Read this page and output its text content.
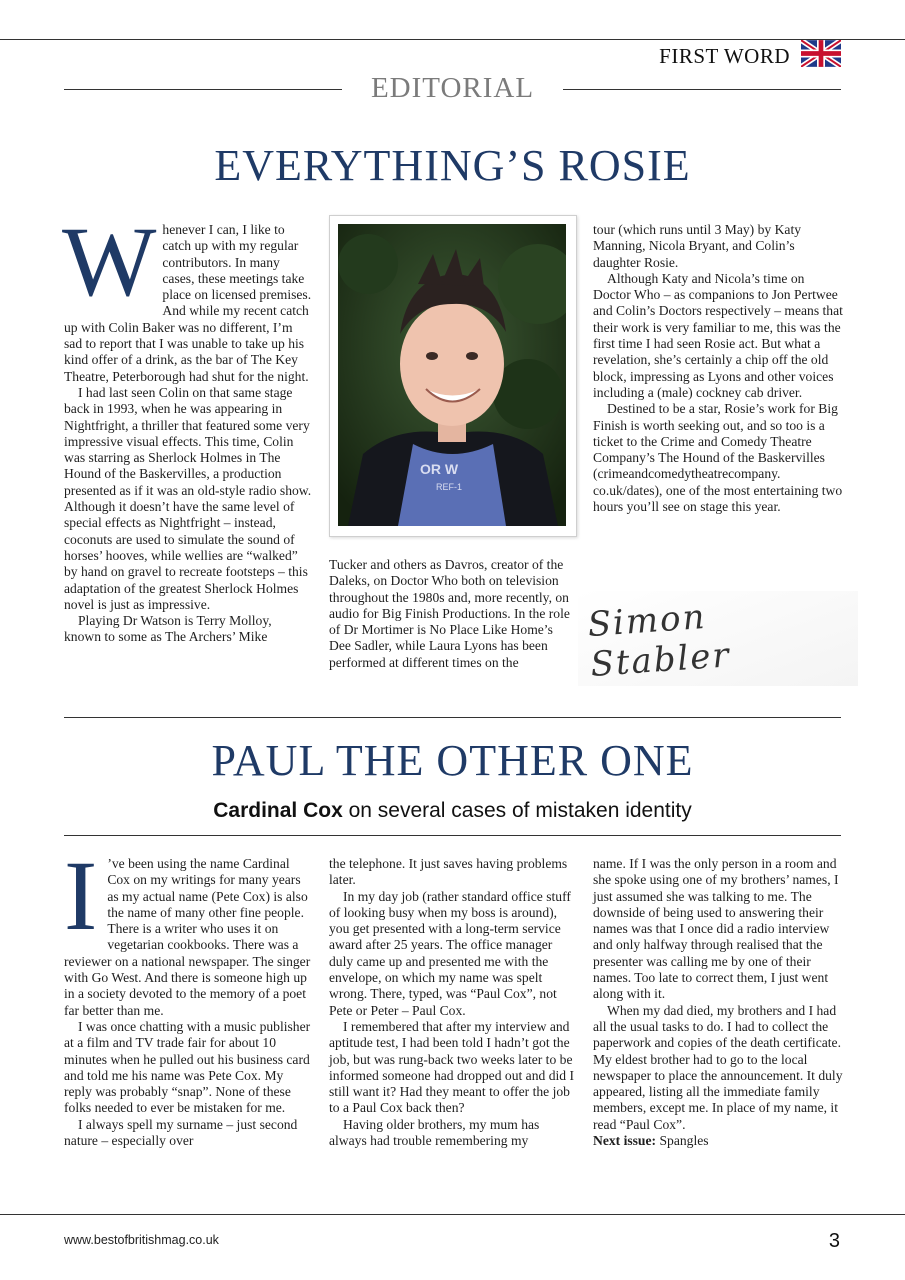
FIRST WORD
EDITORIAL
EVERYTHING’S ROSIE
W henever I can, I like to catch up with my regular contributors. In many cases, these meetings take place on licensed premises. And while my recent catch up with Colin Baker was no different, I’m sad to report that I was unable to take up his kind offer of a drink, as the bar of The Key Theatre, Peterborough had shut for the night.

I had last seen Colin on that same stage back in 1993, when he was appearing in Nightfright, a thriller that featured some very impressive visual effects. This time, Colin was starring as Sherlock Holmes in The Hound of the Baskervilles, a production presented as if it was an old-style radio show. Although it doesn’t have the same level of special effects as Nightfright – instead, coconuts are used to simulate the sound of horses’ hooves, while wellies are “walked” by hand on gravel to recreate footsteps – this adaptation of the greatest Sherlock Holmes novel is just as impressive.

Playing Dr Watson is Terry Molloy, known to some as The Archers’ Mike

OR W
REF-1

Tucker and others as Davros, creator of the Daleks, on Doctor Who both on television throughout the 1980s and, more recently, on audio for Big Finish Productions. In the role of Dr Mortimer is No Place Like Home’s Dee Sadler, while Laura Lyons has been performed at different times on the

tour (which runs until 3 May) by Katy Manning, Nicola Bryant, and Colin’s daughter Rosie.

Although Katy and Nicola’s time on Doctor Who – as companions to Jon Pertwee and Colin’s Doctors respectively – means that their work is very familiar to me, this was the first time I had seen Rosie act. But what a revelation, she’s certainly a chip off the old block, impressing as Lyons and other voices including a (male) cockney cab driver.

Destined to be a star, Rosie’s work for Big Finish is worth seeking out, and so too is a ticket to the Crime and Comedy Theatre Company’s The Hound of the Baskervilles (crimeandcomedytheatrecompany. co.uk/dates), one of the most entertaining two hours you’ll see on stage this year.

Simon Stabler
PAUL THE OTHER ONE
Cardinal Cox on several cases of mistaken identity
I ’ve been using the name Cardinal Cox on my writings for many years as my actual name (Pete Cox) is also the name of many other fine people. There is a writer who uses it on vegetarian cookbooks. There was a reviewer on a national newspaper. The singer with Go West. And there is someone high up in a society devoted to the memory of a poet far better than me.

I was once chatting with a music publisher at a film and TV trade fair for about 10 minutes when he pulled out his business card and told me his name was Pete Cox. My reply was probably “snap”. None of these folks needed to ever be mistaken for me.

I always spell my surname – just second nature – especially over

the telephone. It just saves having problems later.

In my day job (rather standard office stuff of looking busy when my boss is around), you get presented with a long-term service award after 25 years. The office manager duly came up and presented me with the envelope, on which my name was spelt wrong. There, typed, was “Paul Cox”, not Pete or Peter – Paul Cox.

I remembered that after my interview and aptitude test, I had been told I hadn’t got the job, but was rung-back two weeks later to be informed someone had dropped out and did I still want it? Had they meant to offer the job to a Paul Cox back then?

Having older brothers, my mum has always had trouble remembering my

name. If I was the only person in a room and she spoke using one of my brothers’ names, I just assumed she was talking to me. The downside of being used to answering their names was that I once did a radio interview and only halfway through realised that the presenter was calling me by one of their names. Too late to correct them, I just went along with it.

When my dad died, my brothers and I had all the usual tasks to do. I had to collect the paperwork and copies of the death certificate. My eldest brother had to go to the local newspaper to place the announcement. It duly appeared, listing all the immediate family members, except me. In place of my name, it read “Paul Cox”.

Next issue: Spangles

www.bestofbritishmag.co.uk	3
